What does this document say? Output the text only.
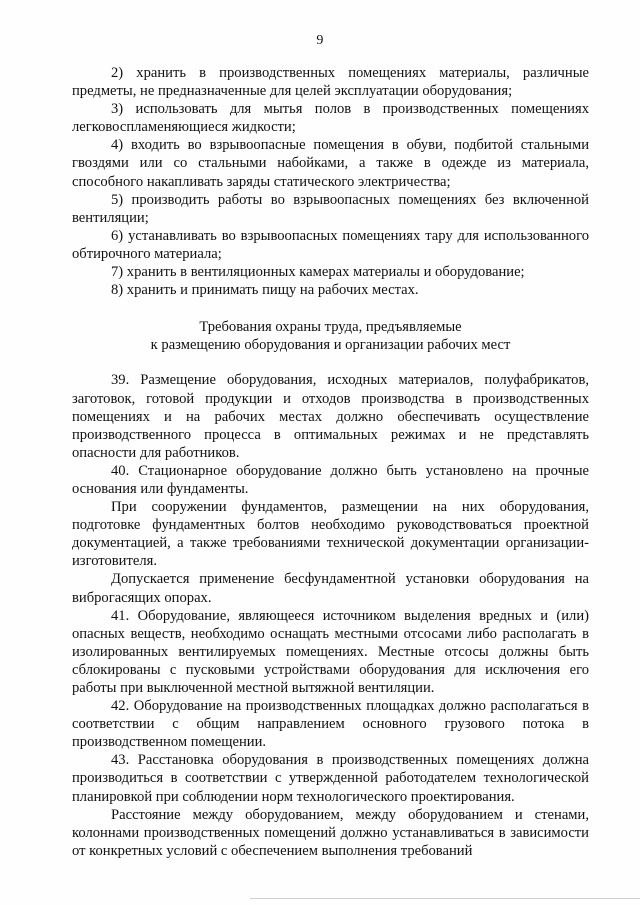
9

2) хранить в производственных помещениях материалы, различные предметы, не предназначенные для целей эксплуатации оборудования;

3) использовать для мытья полов в производственных помещениях легковоспламеняющиеся жидкости;

4) входить во взрывоопасные помещения в обуви, подбитой стальными гвоздями или со стальными набойками, а также в одежде из материала, способного накапливать заряды статического электричества;

5) производить работы во взрывоопасных помещениях без включенной вентиляции;

6) устанавливать во взрывоопасных помещениях тару для использованного обтирочного материала;

7) хранить в вентиляционных камерах материалы и оборудование;

8) хранить и принимать пищу на рабочих местах.

Требования охраны труда, предъявляемые
к размещению оборудования и организации рабочих мест

39. Размещение оборудования, исходных материалов, полуфабрикатов, заготовок, готовой продукции и отходов производства в производственных помещениях и на рабочих местах должно обеспечивать осуществление производственного процесса в оптимальных режимах и не представлять опасности для работников.

40. Стационарное оборудование должно быть установлено на прочные основания или фундаменты.

При сооружении фундаментов, размещении на них оборудования, подготовке фундаментных болтов необходимо руководствоваться проектной документацией, а также требованиями технической документации организации-изготовителя.

Допускается применение бесфундаментной установки оборудования на виброгасящих опорах.

41. Оборудование, являющееся источником выделения вредных и (или) опасных веществ, необходимо оснащать местными отсосами либо располагать в изолированных вентилируемых помещениях. Местные отсосы должны быть сблокированы с пусковыми устройствами оборудования для исключения его работы при выключенной местной вытяжной вентиляции.

42. Оборудование на производственных площадках должно располагаться в соответствии с общим направлением основного грузового потока в производственном помещении.

43. Расстановка оборудования в производственных помещениях должна производиться в соответствии с утвержденной работодателем технологической планировкой при соблюдении норм технологического проектирования.

Расстояние между оборудованием, между оборудованием и стенами, колоннами производственных помещений должно устанавливаться в зависимости от конкретных условий с обеспечением выполнения требований
